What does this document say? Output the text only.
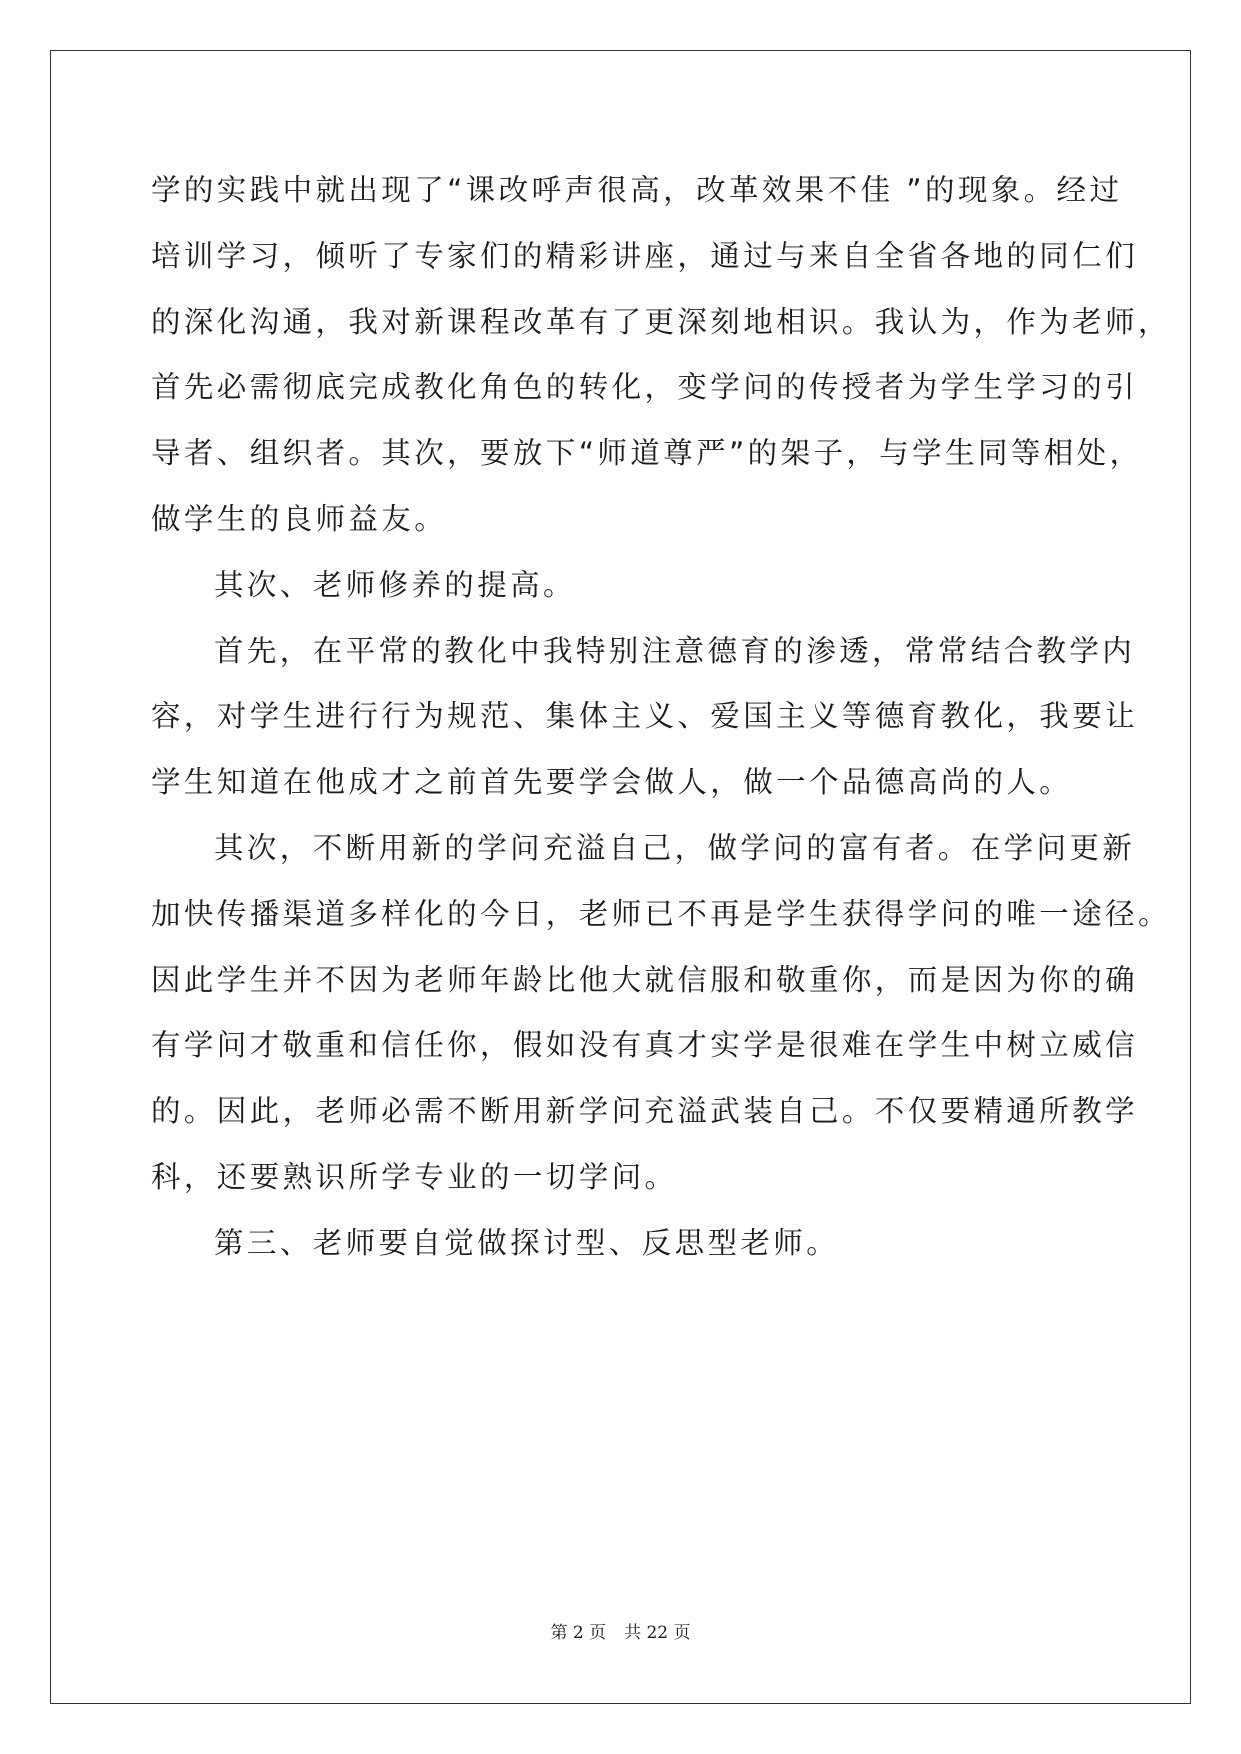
学的实践中就出现了“课改呼声很高，改革效果不佳 ”的现象。经过

培训学习，倾听了专家们的精彩讲座，通过与来自全省各地的同仁们

的深化沟通，我对新课程改革有了更深刻地相识。我认为，作为老师，

首先必需彻底完成教化角色的转化，变学问的传授者为学生学习的引

导者、组织者。其次，要放下“师道尊严”的架子，与学生同等相处，

做学生的良师益友。

其次、老师修养的提高。

首先，在平常的教化中我特别注意德育的渗透，常常结合教学内

容，对学生进行行为规范、集体主义、爱国主义等德育教化，我要让

学生知道在他成才之前首先要学会做人，做一个品德高尚的人。

其次，不断用新的学问充溢自己，做学问的富有者。在学问更新

加快传播渠道多样化的今日，老师已不再是学生获得学问的唯一途径。

因此学生并不因为老师年龄比他大就信服和敬重你，而是因为你的确

有学问才敬重和信任你，假如没有真才实学是很难在学生中树立威信

的。因此，老师必需不断用新学问充溢武装自己。不仅要精通所教学

科，还要熟识所学专业的一切学问。

第三、老师要自觉做探讨型、反思型老师。

第 2 页 共 22 页
